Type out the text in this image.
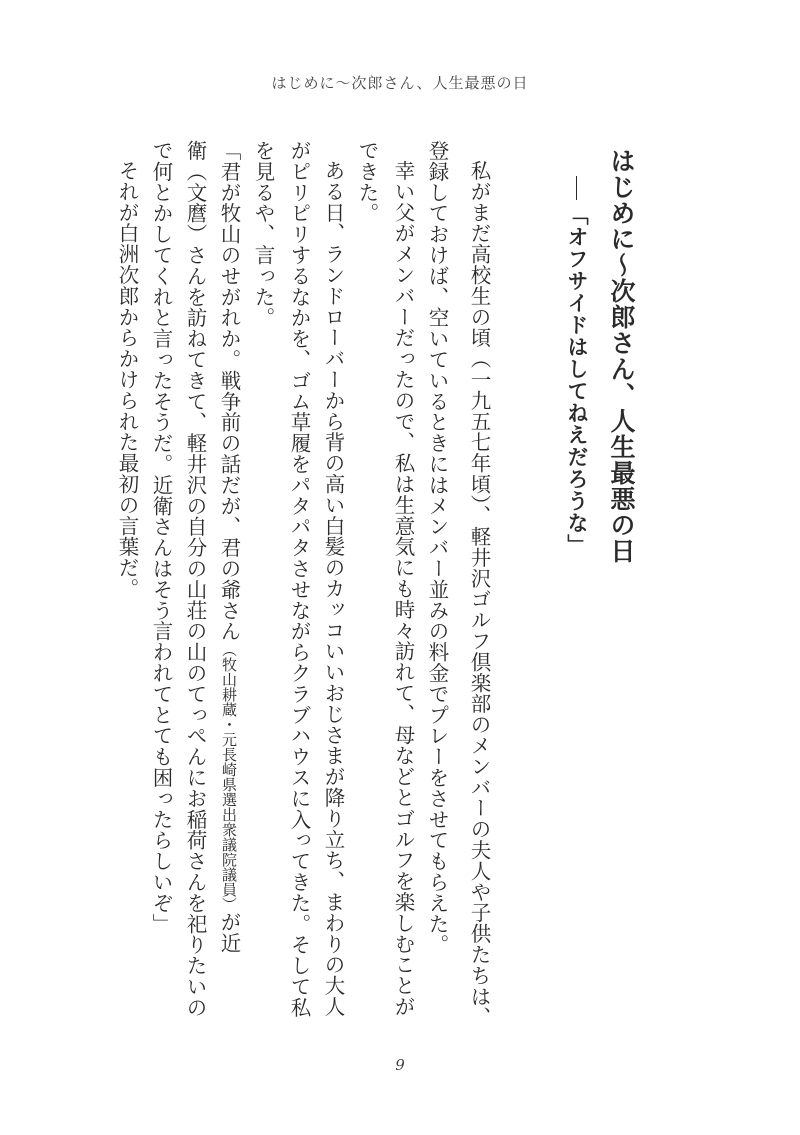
はじめに〜次郎さん、人生最悪の日
はじめに〜次郎さん、人生最悪の日
「オフサイドはしてねえだろうな」
私がまだ高校生の頃（一九五七年頃）、軽井沢ゴルフ倶楽部のメンバーの夫人や子供たちは、
登録しておけば、空いているときにはメンバー並みの料金でプレーをさせてもらえた。
幸い父がメンバーだったので、私は生意気にも時々訪れて、母などとゴルフを楽しむことが
できた。
ある日、ランドローバーから背の高い白髪のカッコいいおじさまが降り立ち、まわりの大人
がピリピリするなかを、ゴム草履をパタパタさせながらクラブハウスに入ってきた。そして私
を見るや、言った。
「君が牧山のせがれか。戦争前の話だが、君の爺さん（牧山耕蔵・元長崎県選出衆議院議員）が近
衛（文麿）さんを訪ねてきて、軽井沢の自分の山荘の山のてっぺんにお稲荷さんを祀りたいの
で何とかしてくれと言ったそうだ。近衛さんはそう言われてとても困ったらしいぞ」
それが白洲次郎からかけられた最初の言葉だ。
9
